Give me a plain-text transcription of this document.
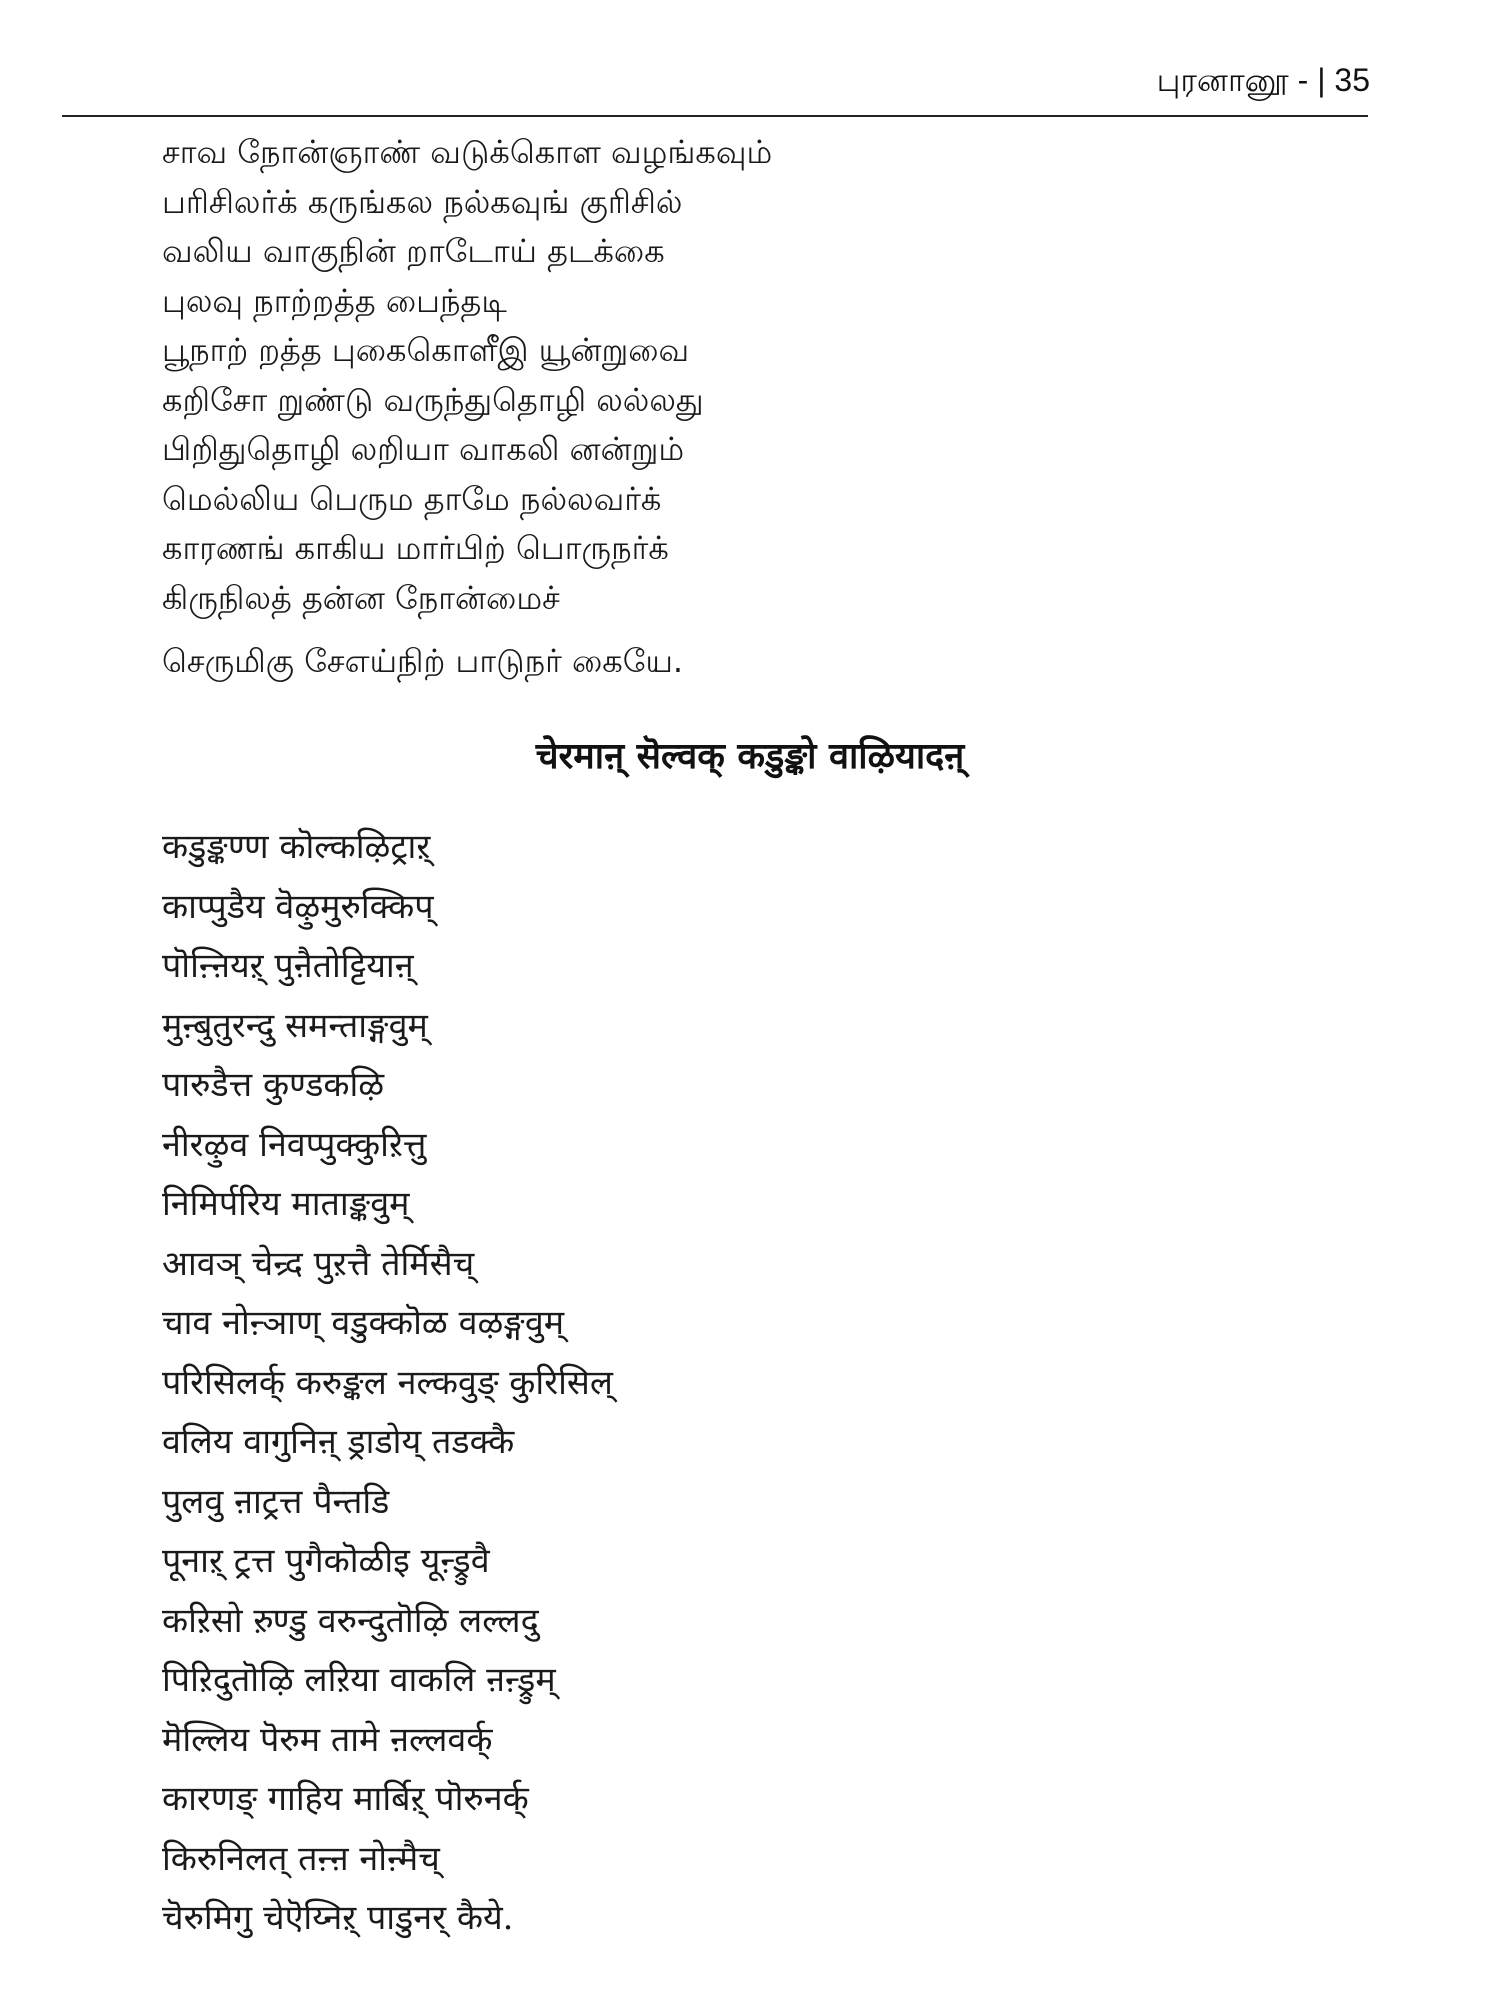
புரனானூ - | 35
சாவ நோன்ஞாண் வடுக்கொள வழங்கவும்
பரிசிலர்க் கருங்கல நல்கவுங் குரிசில்
வலிய வாகுநின் றாடோய் தடக்கை
புலவு நாற்றத்த பைந்தடி
பூநாற் றத்த புகைகொளீஇ யூன்றுவை
கறிசோ றுண்டு வருந்துதொழி லல்லது
பிறிதுதொழி லறியா வாகலி னன்றும்
மெல்லிய பெரும தாமே நல்லவர்க்
காரணங் காகிய மார்பிற் பொருநர்க்
கிருநிலத் தன்ன நோன்மைச்
செருமிகு சேஎய்நிற் பாடுநர் கையே.
चेरमाऩ् सॆल्वक् कडुङ्को वाऴियादऩ्
कडुङ्कण्ण कॊल्कऴिट्राऱ्
काप्पुडैय वॆऴुमुरुक्किप्
पॊऩ्ऩियऱ् पुऩैतोट्टियाऩ्
मुऩ्बुतुरन्दु समन्ताङ्गवुम्
पारुडैत्त कुण्डकऴि
नीरऴुव निवप्पुक्कुऱित्तु
निमिर्परिय माताङ्कवुम्
आवञ् चेन्र्द पुऱत्तै तेर्मिसैच्
चाव नोऩ्ञाण् वडुक्कॊळ वऴङ्गवुम्
परिसिलर्क् करुङ्कल नल्कवुङ् कुरिसिल्
वलिय वागुनिऩ् ड्राडोय् तडक्कै
पुलवु ऩाट्रत्त पैन्तडि
पूनाऱ् ट्रत्त पुगैकॊळीइ यूऩ्ड्रुवै
कऱिसो ऱुण्डु वरुन्दुतॊऴि लल्लदु
पिऱिदुतॊऴि लऱिया वाकलि ऩऩ्ड्रुम्
मॆल्लिय पॆरुम तामे ऩल्लवर्क्
कारणङ् गाहिय मार्बिऱ् पॊरुनर्क्
किरुनिलत् तऩ्ऩ नोऩ्मैच्
चॆरुमिगु चेऎय्निऱ् पाडुनर् कैये.
